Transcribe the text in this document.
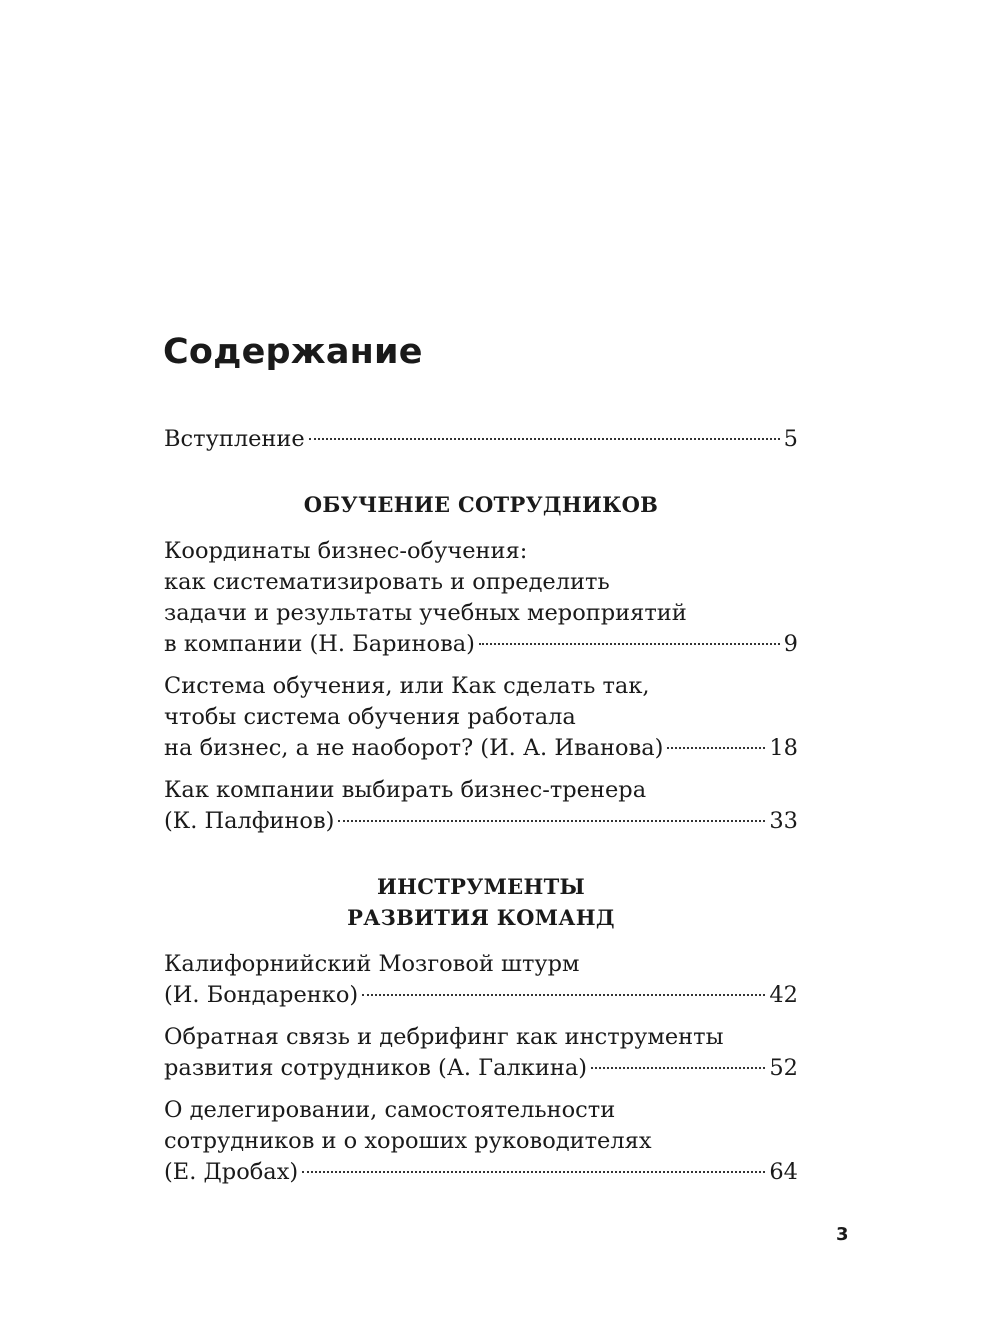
Содержание
Вступление	5
ОБУЧЕНИЕ СОТРУДНИКОВ
Координаты бизнес-обучения:
как систематизировать и определить
задачи и результаты учебных мероприятий
в компании (Н. Баринова)	9
Система обучения, или Как сделать так,
чтобы система обучения работала
на бизнес, а не наоборот? (И. А. Иванова)	18
Как компании выбирать бизнес-тренера
(К. Палфинов)	33
ИНСТРУМЕНТЫ
РАЗВИТИЯ КОМАНД
Калифорнийский Мозговой штурм
(И. Бондаренко)	42
Обратная связь и дебрифинг как инструменты
развития сотрудников (А. Галкина)	52
О делегировании, самостоятельности
сотрудников и о хороших руководителях
(Е. Дробах)	64
3
